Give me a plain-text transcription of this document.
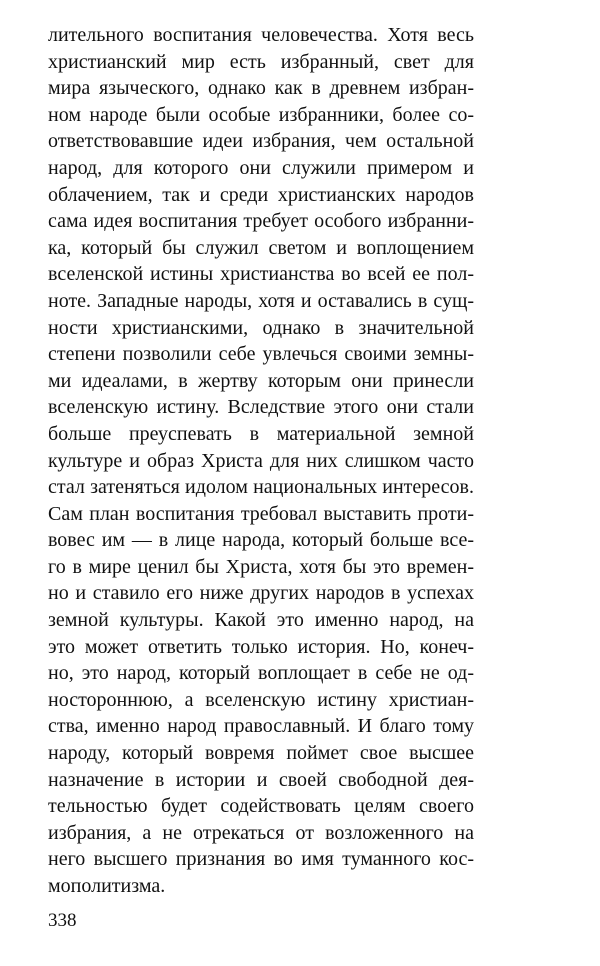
лительного воспитания человечества. Хотя весь
христианский мир есть избранный, свет для
мира языческого, однако как в древнем избран-
ном народе были особые избранники, более со-
ответствовавшие идеи избрания, чем остальной
народ, для которого они служили примером и
облачением, так и среди христианских народов
сама идея воспитания требует особого избранни-
ка, который бы служил светом и воплощением
вселенской истины христианства во всей ее пол-
ноте. Западные народы, хотя и оставались в сущ-
ности христианскими, однако в значительной
степени позволили себе увлечься своими земны-
ми идеалами, в жертву которым они принесли
вселенскую истину. Вследствие этого они стали
больше преуспевать в материальной земной
культуре и образ Христа для них слишком часто
стал затеняться идолом национальных интересов.
Сам план воспитания требовал выставить проти-
вовес им — в лице народа, который больше все-
го в мире ценил бы Христа, хотя бы это времен-
но и ставило его ниже других народов в успехах
земной культуры. Какой это именно народ, на
это может ответить только история. Но, конеч-
но, это народ, который воплощает в себе не од-
ностороннюю, а вселенскую истину христиан-
ства, именно народ православный. И благо тому
народу, который вовремя поймет свое высшее
назначение в истории и своей свободной дея-
тельностью будет содействовать целям своего
избрания, а не отрекаться от возложенного на
него высшего признания во имя туманного кос-
мополитизма.
338
